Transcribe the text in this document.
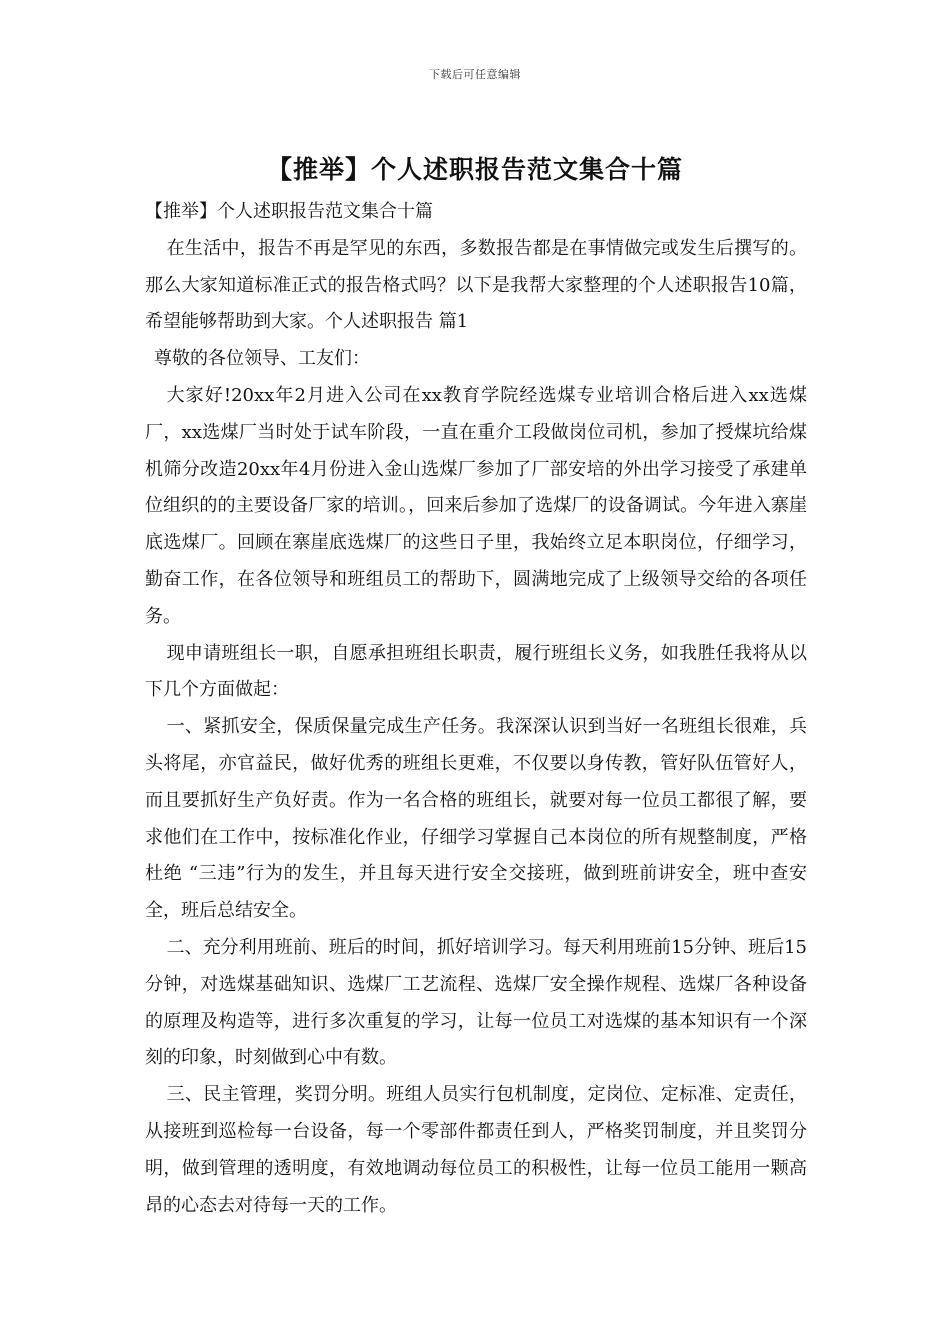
下载后可任意编辑
【推举】个人述职报告范文集合十篇

【推举】个人述职报告范文集合十篇

在生活中，报告不再是罕见的东西，多数报告都是在事情做完或发生后撰写的。那么大家知道标准正式的报告格式吗？以下是我帮大家整理的个人述职报告10篇，希望能够帮助到大家。个人述职报告 篇1

尊敬的各位领导、工友们：

大家好!20xx年2月进入公司在xx教育学院经选煤专业培训合格后进入xx选煤厂，xx选煤厂当时处于试车阶段，一直在重介工段做岗位司机，参加了授煤坑给煤机筛分改造20xx年4月份进入金山选煤厂参加了厂部安培的外出学习接受了承建单位组织的的主要设备厂家的培训。，回来后参加了选煤厂的设备调试。今年进入寨崖底选煤厂。回顾在寨崖底选煤厂的这些日子里，我始终立足本职岗位，仔细学习，勤奋工作，在各位领导和班组员工的帮助下，圆满地完成了上级领导交给的各项任务。

现申请班组长一职，自愿承担班组长职责，履行班组长义务，如我胜任我将从以下几个方面做起：

一、紧抓安全，保质保量完成生产任务。我深深认识到当好一名班组长很难，兵头将尾，亦官益民，做好优秀的班组长更难，不仅要以身传教，管好队伍管好人，而且要抓好生产负好责。作为一名合格的班组长，就要对每一位员工都很了解，要求他们在工作中，按标准化作业，仔细学习掌握自己本岗位的所有规整制度，严格杜绝 “三违”行为的发生，并且每天进行安全交接班，做到班前讲安全，班中查安全，班后总结安全。

二、充分利用班前、班后的时间，抓好培训学习。每天利用班前15分钟、班后15分钟，对选煤基础知识、选煤厂工艺流程、选煤厂安全操作规程、选煤厂各种设备的原理及构造等，进行多次重复的学习，让每一位员工对选煤的基本知识有一个深刻的印象，时刻做到心中有数。

三、民主管理，奖罚分明。班组人员实行包机制度，定岗位、定标准、定责任，从接班到巡检每一台设备，每一个零部件都责任到人，严格奖罚制度，并且奖罚分明，做到管理的透明度，有效地调动每位员工的积极性，让每一位员工能用一颗高昂的心态去对待每一天的工作。
